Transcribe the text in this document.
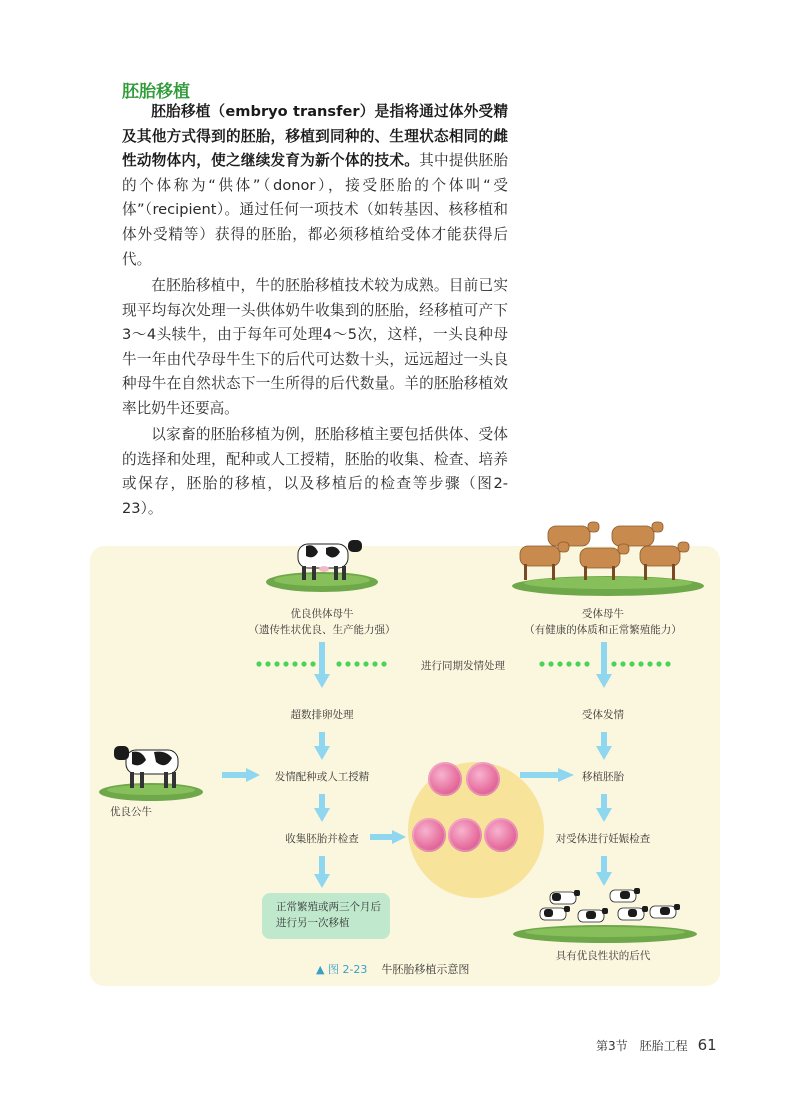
胚胎移植

胚胎移植（embryo transfer）是指将通过体外受精及其他方式得到的胚胎，移植到同种的、生理状态相同的雌性动物体内，使之继续发育为新个体的技术。其中提供胚胎的个体称为“供体”（donor），接受胚胎的个体叫“受体”（recipient）。通过任何一项技术（如转基因、核移植和体外受精等）获得的胚胎，都必须移植给受体才能获得后代。

在胚胎移植中，牛的胚胎移植技术较为成熟。目前已实现平均每次处理一头供体奶牛收集到的胚胎，经移植可产下3～4头犊牛，由于每年可处理4～5次，这样，一头良种母牛一年由代孕母牛生下的后代可达数十头，远远超过一头良种母牛在自然状态下一生所得的后代数量。羊的胚胎移植效率比奶牛还要高。

以家畜的胚胎移植为例，胚胎移植主要包括供体、受体的选择和处理，配种或人工授精，胚胎的收集、检查、培养或保存，胚胎的移植，以及移植后的检查等步骤（图2-23）。

优良供体母牛
（遗传性状优良、生产能力强）
受体母牛
（有健康的体质和正常繁殖能力）
进行同期发情处理
超数排卵处理	受体发情
优良公牛
发情配种或人工授精	移植胚胎
收集胚胎并检查	对受体进行妊娠检查
正常繁殖或两三个月后进行另一次移植
具有优良性状的后代
▲ 图 2-23 牛胚胎移植示意图
第3节　胚胎工程 61
